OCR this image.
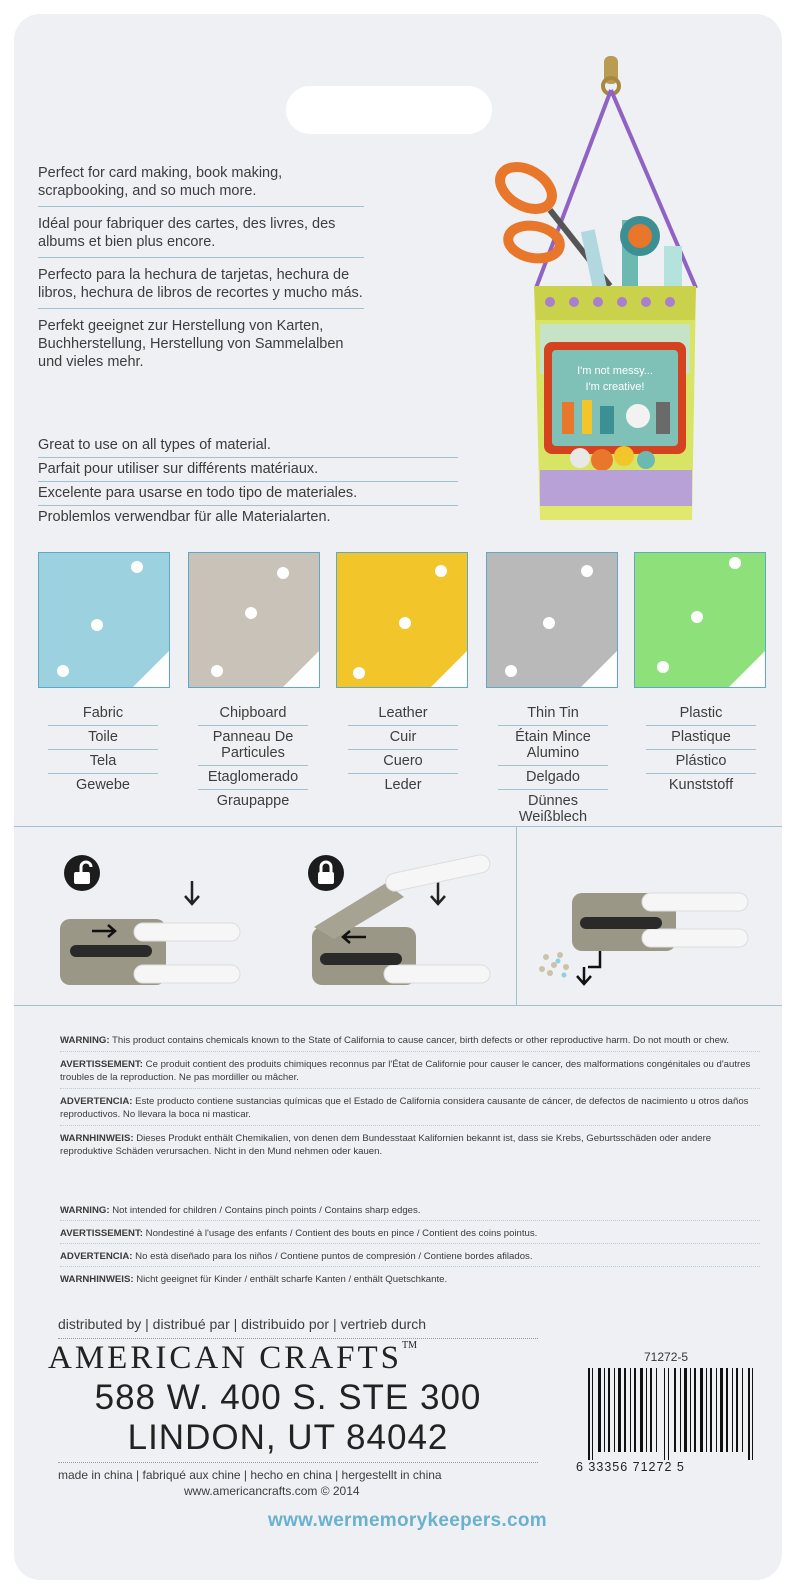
Perfect for card making, book making, scrapbooking, and so much more.
Idéal pour fabriquer des cartes, des livres, des albums et bien plus encore.
Perfecto para la hechura de tarjetas, hechura de libros, hechura de libros de recortes y mucho más.
Perfekt geeignet zur Herstellung von Karten, Buchherstellung, Herstellung von Sammelalben und vieles mehr.
Great to use on all types of material.
Parfait pour utiliser sur différents matériaux.
Excelente para usarse en todo tipo de materiales.
Problemlos verwendbar für alle Materialarten.
I'm not messy...
I'm creative!
Fabric
Toile
Tela
Gewebe
Chipboard
Panneau De Particules
Etaglomerado
Graupappe
Leather
Cuir
Cuero
Leder
Thin Tin
Étain Mince Alumino
Delgado
Dünnes Weißblech
Plastic
Plastique
Plástico
Kunststoff
WARNING: This product contains chemicals known to the State of California to cause cancer, birth defects or other reproductive harm. Do not mouth or chew.
AVERTISSEMENT: Ce produit contient des produits chimiques reconnus par l'État de Californie pour causer le cancer, des malformations congénitales ou d'autres troubles de la reproduction. Ne pas mordiller ou mâcher.
ADVERTENCIA: Este producto contiene sustancias químicas que el Estado de California considera causante de cáncer, de defectos de nacimiento u otros daños reproductivos. No llevara la boca ni masticar.
WARNHINWEIS: Dieses Produkt enthält Chemikalien, von denen dem Bundesstaat Kalifornien bekannt ist, dass sie Krebs, Geburtsschäden oder andere reproduktive Schäden verursachen. Nicht in den Mund nehmen oder kauen.
WARNING: Not intended for children / Contains pinch points / Contains sharp edges.
AVERTISSEMENT: Nondestiné à l'usage des enfants / Contient des bouts en pince / Contient des coins pointus.
ADVERTENCIA: No està diseñado para los niños / Contiene puntos de compresión / Contiene bordes afilados.
WARNHINWEIS: Nicht geeignet für Kinder / enthält scharfe Kanten / enthält Quetschkante.
distributed by | distribué par | distribuido por | vertrieb durch
AMERICAN CRAFTS™
588 W. 400 S. STE 300
LINDON, UT 84042
made in china | fabriqué aux chine | hecho en china | hergestellt in china
www.americancrafts.com © 2014
www.wermemorykeepers.com
71272-5
6 33356 71272 5
